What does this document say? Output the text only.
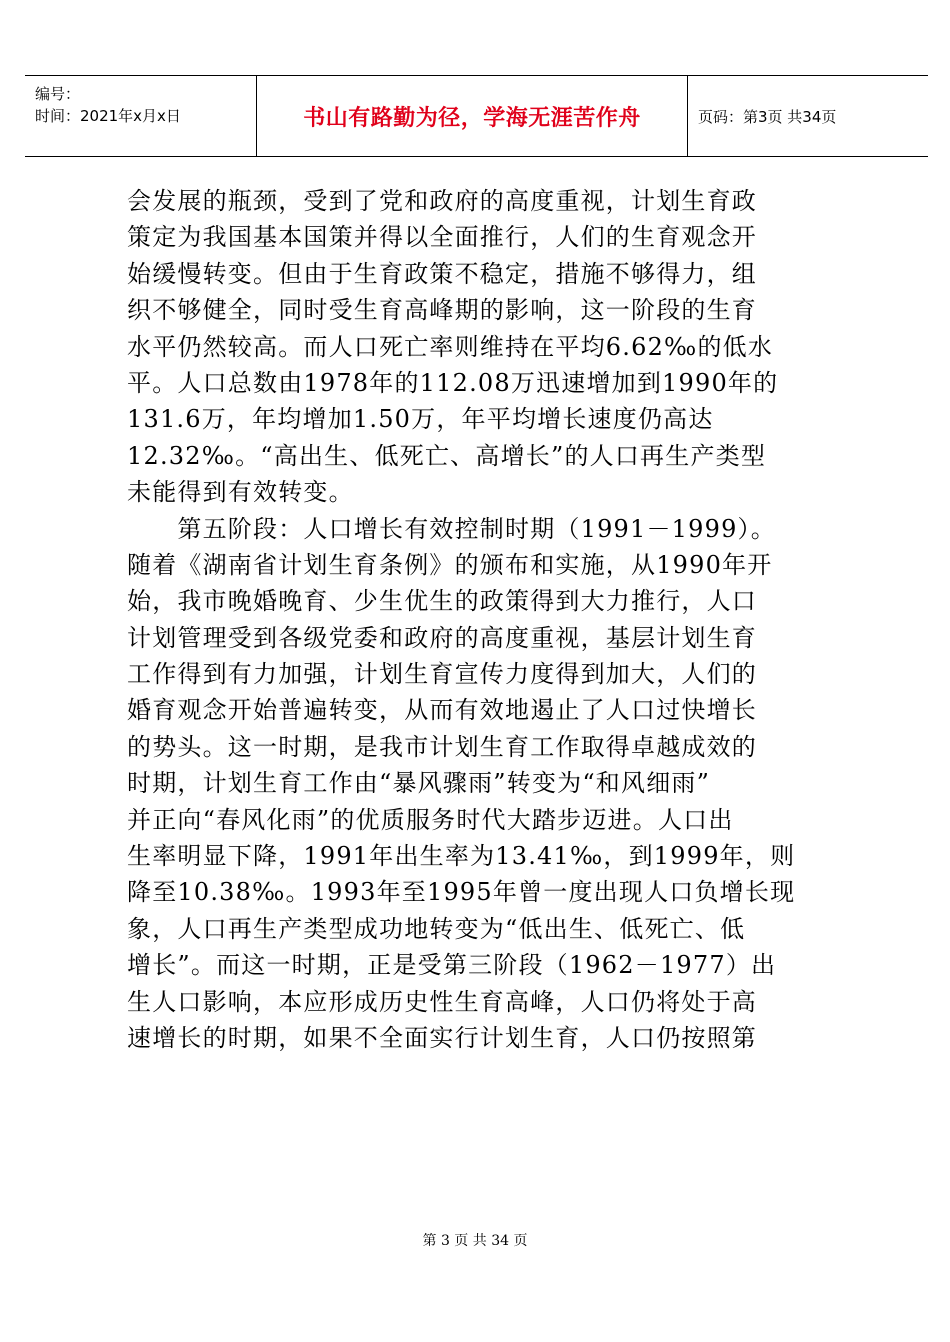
编号：
时间：2021年x月x日	书山有路勤为径，学海无涯苦作舟	页码：第3页 共34页
会发展的瓶颈，受到了党和政府的高度重视，计划生育政
策定为我国基本国策并得以全面推行，人们的生育观念开
始缓慢转变。但由于生育政策不稳定，措施不够得力，组
织不够健全，同时受生育高峰期的影响，这一阶段的生育
水平仍然较高。而人口死亡率则维持在平均6.62‰的低水
平。人口总数由1978年的112.08万迅速增加到1990年的
131.6万，年均增加1.50万，年平均增长速度仍高达
12.32‰。“高出生、低死亡、高增长”的人口再生产类型
未能得到有效转变。
　　第五阶段：人口增长有效控制时期（1991－1999）。
随着《湖南省计划生育条例》的颁布和实施，从1990年开
始，我市晚婚晚育、少生优生的政策得到大力推行，人口
计划管理受到各级党委和政府的高度重视，基层计划生育
工作得到有力加强，计划生育宣传力度得到加大，人们的
婚育观念开始普遍转变，从而有效地遏止了人口过快增长
的势头。这一时期，是我市计划生育工作取得卓越成效的
时期，计划生育工作由“暴风骤雨”转变为“和风细雨”
并正向“春风化雨”的优质服务时代大踏步迈进。人口出
生率明显下降，1991年出生率为13.41‰，到1999年，则
降至10.38‰。1993年至1995年曾一度出现人口负增长现
象，人口再生产类型成功地转变为“低出生、低死亡、低
增长”。而这一时期，正是受第三阶段（1962－1977）出
生人口影响，本应形成历史性生育高峰，人口仍将处于高
速增长的时期，如果不全面实行计划生育，人口仍按照第
第 3 页 共 34 页
